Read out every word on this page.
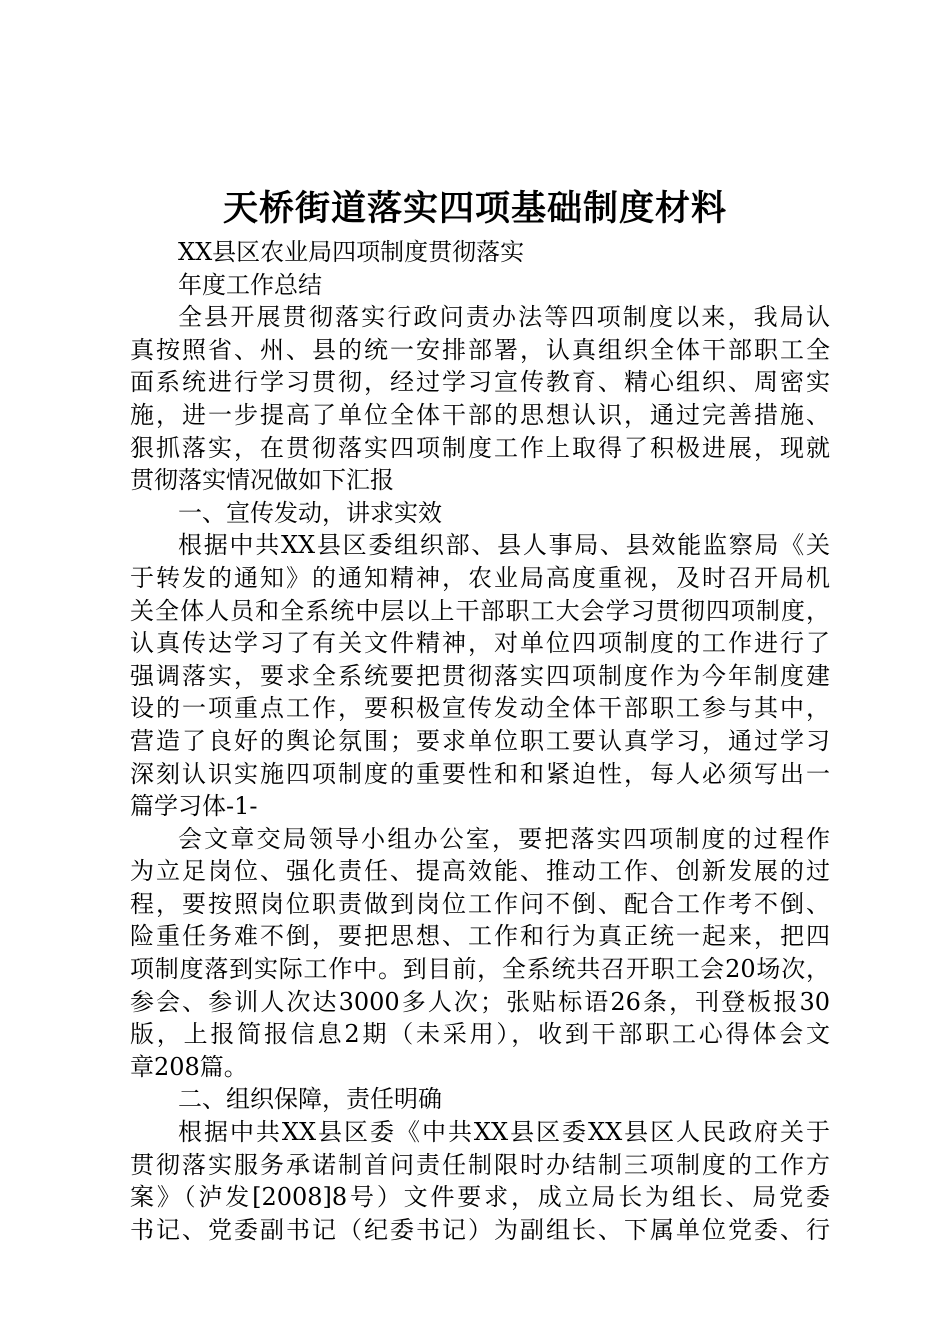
天桥街道落实四项基础制度材料
XX县区农业局四项制度贯彻落实
年度工作总结
全县开展贯彻落实行政问责办法等四项制度以来，我局认
真按照省、州、县的统一安排部署，认真组织全体干部职工全
面系统进行学习贯彻，经过学习宣传教育、精心组织、周密实
施，进一步提高了单位全体干部的思想认识，通过完善措施、
狠抓落实，在贯彻落实四项制度工作上取得了积极进展，现就
贯彻落实情况做如下汇报
一、宣传发动，讲求实效
根据中共XX县区委组织部、县人事局、县效能监察局《关
于转发的通知》的通知精神，农业局高度重视，及时召开局机
关全体人员和全系统中层以上干部职工大会学习贯彻四项制度，
认真传达学习了有关文件精神，对单位四项制度的工作进行了
强调落实，要求全系统要把贯彻落实四项制度作为今年制度建
设的一项重点工作，要积极宣传发动全体干部职工参与其中，
营造了良好的舆论氛围；要求单位职工要认真学习，通过学习
深刻认识实施四项制度的重要性和和紧迫性，每人必须写出一
篇学习体-1-
会文章交局领导小组办公室，要把落实四项制度的过程作
为立足岗位、强化责任、提高效能、推动工作、创新发展的过
程，要按照岗位职责做到岗位工作问不倒、配合工作考不倒、
险重任务难不倒，要把思想、工作和行为真正统一起来，把四
项制度落到实际工作中。到目前，全系统共召开职工会20场次，
参会、参训人次达3000多人次；张贴标语26条，刊登板报30
版，上报简报信息2期（未采用），收到干部职工心得体会文
章208篇。
二、组织保障，责任明确
根据中共XX县区委《中共XX县区委XX县区人民政府关于
贯彻落实服务承诺制首问责任制限时办结制三项制度的工作方
案》（泸发[2008]8号）文件要求，成立局长为组长、局党委
书记、党委副书记（纪委书记）为副组长、下属单位党委、行
